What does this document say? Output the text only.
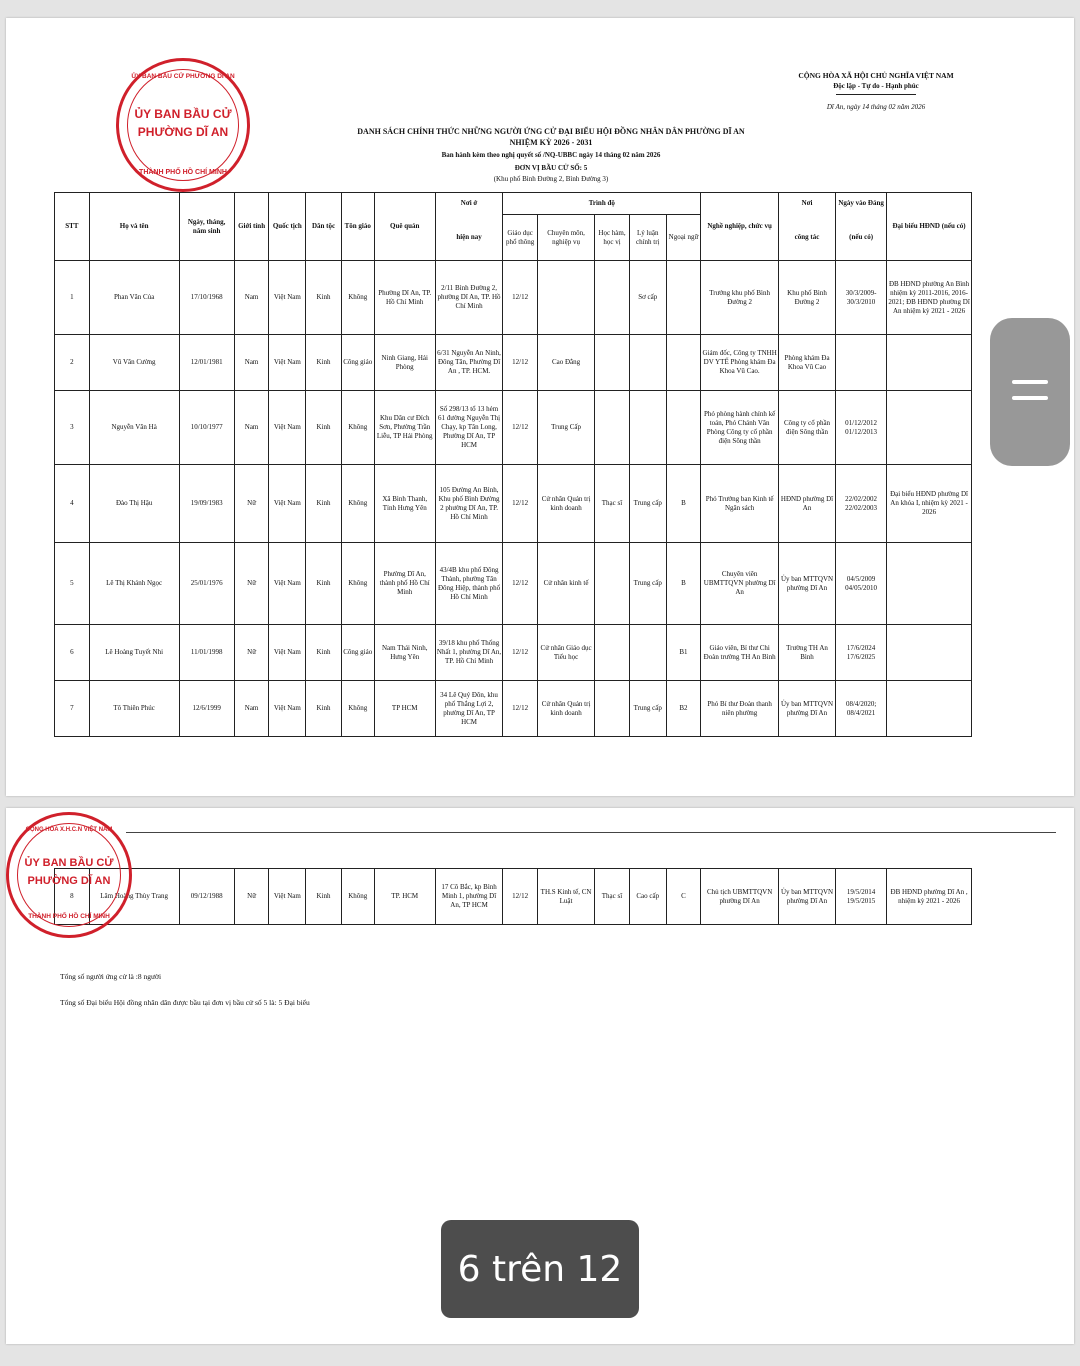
ỦY BAN BẦU CỬ PHƯỜNG DĨ AN
ỦY BAN BẦU CỬ
PHƯỜNG DĨ AN
THÀNH PHỐ HỒ CHÍ MINH
CỘNG HÒA XÃ HỘI CHỦ NGHĨA VIỆT NAM
Độc lập - Tự do - Hạnh phúc
Dĩ An, ngày 14 tháng 02 năm 2026
DANH SÁCH CHÍNH THỨC NHỮNG NGƯỜI ỨNG CỬ ĐẠI BIỂU HỘI ĐỒNG NHÂN DÂN PHƯỜNG DĨ AN
NHIỆM KỲ 2026 - 2031
Ban hành kèm theo nghị quyết số /NQ-UBBC ngày 14 tháng 02 năm 2026
ĐƠN VỊ BẦU CỬ SỐ: 5
(Khu phố Bình Đường 2, Bình Đường 3)
STT	Họ và tên	Ngày, tháng, năm sinh	Giới tính	Quốc tịch	Dân tộc	Tôn giáo	Quê quán	Nơi ở	Trình độ					Nghề nghiệp, chức vụ	Nơi	Ngày vào Đảng	Đại biểu HĐND (nếu có)
								hiện nay	Giáo dục phổ thông	Chuyên môn, nghiệp vụ	Học hàm, học vị	Lý luận chính trị	Ngoại ngữ		công tác	(nếu có)	
1	Phan Văn Của	17/10/1968	Nam	Việt Nam	Kinh	Không	Phường Dĩ An, TP. Hồ Chí Minh	2/11 Bình Đường 2, phường Dĩ An, TP. Hồ Chí Minh	12/12			Sơ cấp		Trưởng khu phố Bình Đường 2	Khu phố Bình Đường 2	30/3/2009- 30/3/2010	ĐB HĐND phường An Bình nhiệm kỳ 2011-2016, 2016-2021; ĐB HĐND phường Dĩ An nhiệm kỳ 2021 - 2026
2	Vũ Văn Cường	12/01/1981	Nam	Việt Nam	Kinh	Công giáo	Ninh Giang, Hải Phòng	6/31 Nguyễn An Ninh, Đông Tân, Phường Dĩ An , TP. HCM.	12/12	Cao Đẳng				Giám đốc, Công ty TNHH DV YTẾ Phòng khám Đa Khoa Vũ Cao.	Phòng khám Đa Khoa Vũ Cao		
3	Nguyễn Văn Hà	10/10/1977	Nam	Việt Nam	Kinh	Không	Khu Dân cư Đích Sơn, Phường Trần Liễu, TP Hải Phòng	Số 298/13 tổ 13 hẻm 61 đường Nguyễn Thị Chạy, kp Tân Long, Phường Dĩ An, TP HCM	12/12	Trung Cấp				Phó phòng hành chính kế toán, Phó Chánh Văn Phòng Công ty cổ phần điện Sông thần	Công ty cổ phần điện Sông thần	01/12/2012 01/12/2013	
4	Đào Thị Hậu	19/09/1983	Nữ	Việt Nam	Kinh	Không	Xã Bình Thanh, Tỉnh Hưng Yên	105 Đường An Bình, Khu phố Bình Đường 2 phường Dĩ An, TP. Hồ Chí Minh	12/12	Cử nhân Quản trị kinh doanh	Thạc sĩ	Trung cấp	B	Phó Trưởng ban Kinh tế Ngân sách	HĐND phường Dĩ An	22/02/2002 22/02/2003	Đại biểu HĐND phường Dĩ An khóa I, nhiệm kỳ 2021 - 2026
5	Lê Thị Khánh Ngọc	25/01/1976	Nữ	Việt Nam	Kinh	Không	Phường Dĩ An, thành phố Hồ Chí Minh	43/4B khu phố Đông Thành, phường Tân Đông Hiệp, thành phố Hồ Chí Minh	12/12	Cử nhân kinh tế		Trung cấp	B	Chuyên viên UBMTTQVN phường Dĩ An	Ủy ban MTTQVN phường Dĩ An	04/5/2009 04/05/2010	
6	Lê Hoàng Tuyết Nhi	11/01/1998	Nữ	Việt Nam	Kinh	Công giáo	Nam Thái Ninh, Hưng Yên	39/18 khu phố Thống Nhất 1, phường Dĩ An, TP. Hồ Chí Minh	12/12	Cử nhân Giáo dục Tiểu học			B1	Giáo viên, Bí thư Chi Đoàn trường TH An Bình	Trường TH An Bình	17/6/2024 17/6/2025	
7	Tô Thiên Phúc	12/6/1999	Nam	Việt Nam	Kinh	Không	TP HCM	34 Lê Quý Đôn, khu phố Thắng Lợi 2, phường Dĩ An, TP HCM	12/12	Cử nhân Quản trị kinh doanh		Trung cấp	B2	Phó Bí thư Đoàn thanh niên phường	Ủy ban MTTQVN phường Dĩ An	08/4/2020; 08/4/2021	
8	Lâm Hoàng Thùy Trang	09/12/1988	Nữ	Việt Nam	Kinh	Không	TP. HCM	17 Cô Bắc, kp Bình Minh 1, phường Dĩ An, TP HCM	12/12	TH.S Kinh tế, CN Luật	Thạc sĩ	Cao cấp	C	Chủ tịch UBMTTQVN phường Dĩ An	Ủy ban MTTQVN phường Dĩ An	19/5/2014 19/5/2015	ĐB HĐND phường Dĩ An , nhiệm kỳ 2021 - 2026
CỘNG HÒA X.H.C.N VIỆT NAM
ỦY BAN BẦU CỬ
PHƯỜNG DĨ AN
THÀNH PHỐ HỒ CHÍ MINH
Tổng số người ứng cử là :8 người
Tổng số Đại biểu Hội đồng nhân dân được bầu tại đơn vị bầu cử số 5 là: 5 Đại biểu
6 trên 12
